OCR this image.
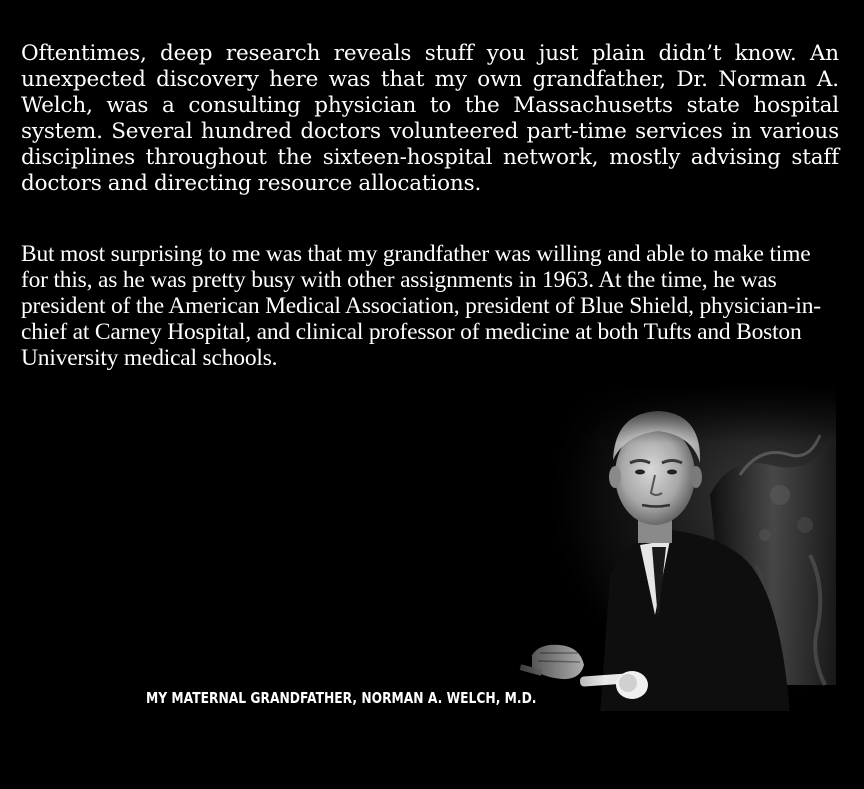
Oftentimes, deep research reveals stuff you just plain didn’t know. An unexpected discovery here was that my own grandfather, Dr. Norman A. Welch, was a consulting physician to the Massachusetts state hospital system. Several hundred doctors volunteered part-time services in various disciplines throughout the sixteen-hospital network, mostly advising staff doctors and directing resource allocations.

But most surprising to me was that my grandfather was willing and able to make time for this, as he was pretty busy with other assignments in 1963. At the time, he was president of the American Medical Association, president of Blue Shield, physician-in-chief at Carney Hospital, and clinical professor of medicine at both Tufts and Boston University medical schools.

MY MATERNAL GRANDFATHER, NORMAN A. WELCH, M.D.
